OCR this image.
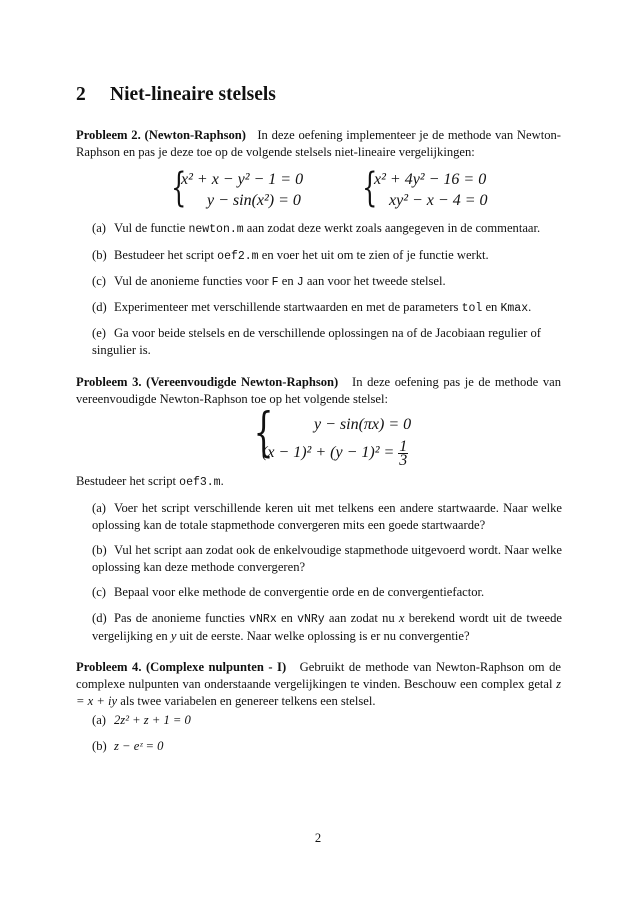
2 Niet-lineaire stelsels
Probleem 2. (Newton-Raphson) In deze oefening implementeer je de methode van Newton-Raphson en pas je deze toe op de volgende stelsels niet-lineaire vergelijkingen:
{
x² + x − y² − 1 = 0
y − sin(x²) = 0 {
x² + 4y² − 16 = 0
xy² − x − 4 = 0
(a) Vul de functie newton.m aan zodat deze werkt zoals aangegeven in de commentaar.
(b) Bestudeer het script oef2.m en voer het uit om te zien of je functie werkt.
(c) Vul de anonieme functies voor F en J aan voor het tweede stelsel.
(d) Experimenteer met verschillende startwaarden en met de parameters tol en Kmax.
(e) Ga voor beide stelsels en de verschillende oplossingen na of de Jacobiaan regulier of singulier is.
Probleem 3. (Vereenvoudigde Newton-Raphson) In deze oefening pas je de methode van vereenvoudigde Newton-Raphson toe op het volgende stelsel:
{	y − sin(πx) = 0
$(x - 1)^2 + (y - 1)^2 = \frac{1}{3}$
Bestudeer het script oef3.m.
(a) Voer het script verschillende keren uit met telkens een andere startwaarde. Naar welke oplossing kan de totale stapmethode convergeren mits een goede startwaarde?
(b) Vul het script aan zodat ook de enkelvoudige stapmethode uitgevoerd wordt. Naar welke oplossing kan deze methode convergeren?
(c) Bepaal voor elke methode de convergentie orde en de convergentiefactor.
(d) Pas de anonieme functies vNRx en vNRy aan zodat nu x berekend wordt uit de tweede vergelijking en y uit de eerste. Naar welke oplossing is er nu convergentie?
Probleem 4. (Complexe nulpunten - I) Gebruikt de methode van Newton-Raphson om de complexe nulpunten van onderstaande vergelijkingen te vinden. Beschouw een complex getal z = x + iy als twee variabelen en genereer telkens een stelsel.
(a) 2z² + z + 1 = 0
(b) z − eᶻ = 0
2
